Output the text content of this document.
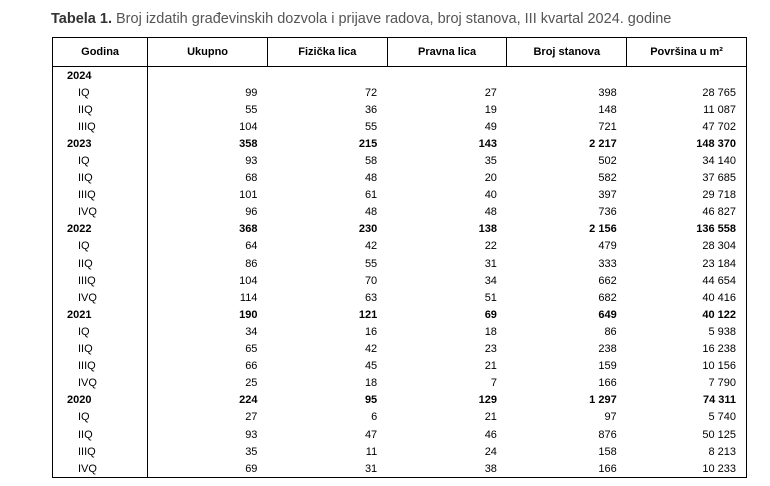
Tabela 1. Broj izdatih građevinskih dozvola i prijave radova, broj stanova, III kvartal 2024. godine
Godina	Ukupno	Fizička lica	Pravna lica	Broj stanova	Površina u m²
2024					
IQ	99	72	27	398	28 765
IIQ	55	36	19	148	11 087
IIIQ	104	55	49	721	47 702
2023	358	215	143	2 217	148 370
IQ	93	58	35	502	34 140
IIQ	68	48	20	582	37 685
IIIQ	101	61	40	397	29 718
IVQ	96	48	48	736	46 827
2022	368	230	138	2 156	136 558
IQ	64	42	22	479	28 304
IIQ	86	55	31	333	23 184
IIIQ	104	70	34	662	44 654
IVQ	114	63	51	682	40 416
2021	190	121	69	649	40 122
IQ	34	16	18	86	5 938
IIQ	65	42	23	238	16 238
IIIQ	66	45	21	159	10 156
IVQ	25	18	7	166	7 790
2020	224	95	129	1 297	74 311
IQ	27	6	21	97	5 740
IIQ	93	47	46	876	50 125
IIIQ	35	11	24	158	8 213
IVQ	69	31	38	166	10 233
